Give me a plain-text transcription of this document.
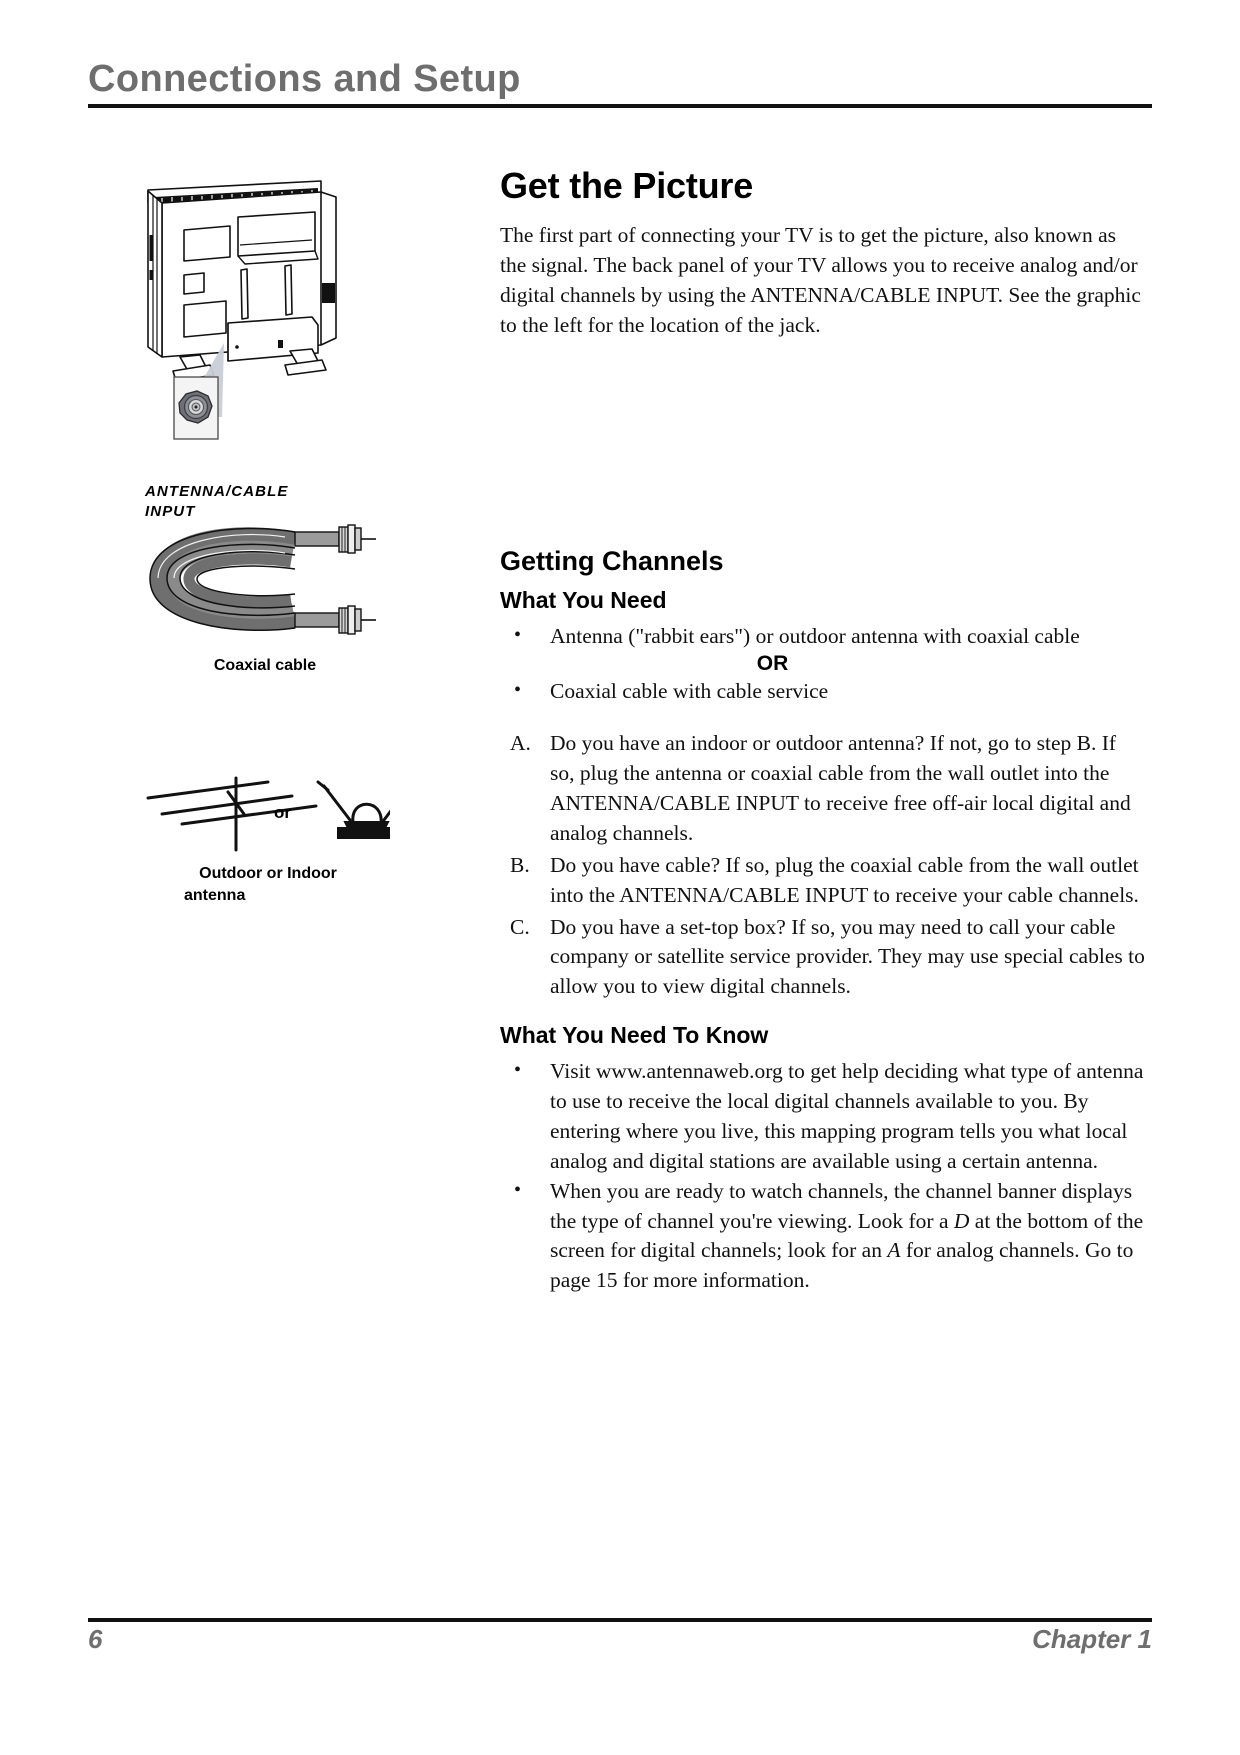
Connections and Setup
ANTENNA/CABLE
INPUT
Coaxial cable
or
Outdoor or Indoor
antenna
Get the Picture

The first part of connecting your TV is to get the picture, also known as the signal. The back panel of your TV allows you to receive analog and/or digital channels by using the ANTENNA/CABLE INPUT. See the graphic to the left for the location of the jack.

Getting Channels
What You Need
•	Antenna ("rabbit ears") or outdoor antenna with coaxial cable
OR
•	Coaxial cable with cable service
A. Do you have an indoor or outdoor antenna? If not, go to step B. If so, plug the antenna or coaxial cable from the wall outlet into the ANTENNA/CABLE INPUT to receive free off-air local digital and analog channels.
B. Do you have cable? If so, plug the coaxial cable from the wall outlet into the ANTENNA/CABLE INPUT to receive your cable channels.
C. Do you have a set-top box? If so, you may need to call your cable company or satellite service provider. They may use special cables to allow you to view digital channels.
What You Need To Know
•	Visit www.antennaweb.org to get help deciding what type of antenna to use to receive the local digital channels available to you. By entering where you live, this mapping program tells you what local analog and digital stations are available using a certain antenna.
•	When you are ready to watch channels, the channel banner displays the type of channel you're viewing. Look for a D at the bottom of the screen for digital channels; look for an A for analog channels. Go to page 15 for more information.
6	Chapter 1
